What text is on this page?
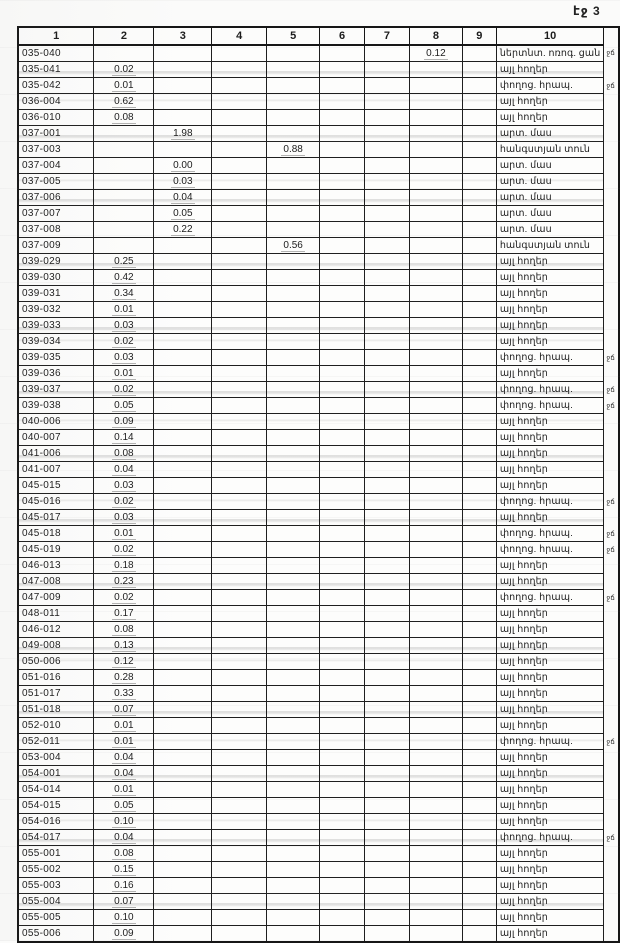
էջ 3
1	2	3	4	5	6	7	8	9	10	
035-040							0.12		ներտնտ. ոռոգ. ցան	ջճ
035-041	0.02								այլ հողեր	
035-042	0.01								փողոց. հրապ.	ջճ
036-004	0.62								այլ հողեր	
036-010	0.08								այլ հողեր	
037-001		1.98							արտ. մաս	
037-003				0.88					հանգստյան տուն	
037-004		0.00							արտ. մաս	
037-005		0.03							արտ. մաս	
037-006		0.04							արտ. մաս	
037-007		0.05							արտ. մաս	
037-008		0.22							արտ. մաս	
037-009				0.56					հանգստյան տուն	
039-029	0.25								այլ հողեր	
039-030	0.42								այլ հողեր	
039-031	0.34								այլ հողեր	
039-032	0.01								այլ հողեր	
039-033	0.03								այլ հողեր	
039-034	0.02								այլ հողեր	
039-035	0.03								փողոց. հրապ.	ջճ
039-036	0.01								այլ հողեր	
039-037	0.02								փողոց. հրապ.	ջճ
039-038	0.05								փողոց. հրապ.	ջճ
040-006	0.09								այլ հողեր	
040-007	0.14								այլ հողեր	
041-006	0.08								այլ հողեր	
041-007	0.04								այլ հողեր	
045-015	0.03								այլ հողեր	
045-016	0.02								փողոց. հրապ.	ջճ
045-017	0.03								այլ հողեր	
045-018	0.01								փողոց. հրապ.	ջճ
045-019	0.02								փողոց. հրապ.	ջճ
046-013	0.18								այլ հողեր	
047-008	0.23								այլ հողեր	
047-009	0.02								փողոց. հրապ.	ջճ
048-011	0.17								այլ հողեր	
046-012	0.08								այլ հողեր	
049-008	0.13								այլ հողեր	
050-006	0.12								այլ հողեր	
051-016	0.28								այլ հողեր	
051-017	0.33								այլ հողեր	
051-018	0.07								այլ հողեր	
052-010	0.01								այլ հողեր	
052-011	0.01								փողոց. հրապ.	ջճ
053-004	0.04								այլ հողեր	
054-001	0.04								այլ հողեր	
054-014	0.01								այլ հողեր	
054-015	0.05								այլ հողեր	
054-016	0.10								այլ հողեր	
054-017	0.04								փողոց. հրապ.	ջճ
055-001	0.08								այլ հողեր	
055-002	0.15								այլ հողեր	
055-003	0.16								այլ հողեր	
055-004	0.07								այլ հողեր	
055-005	0.10								այլ հողեր	
055-006	0.09								այլ հողեր	
